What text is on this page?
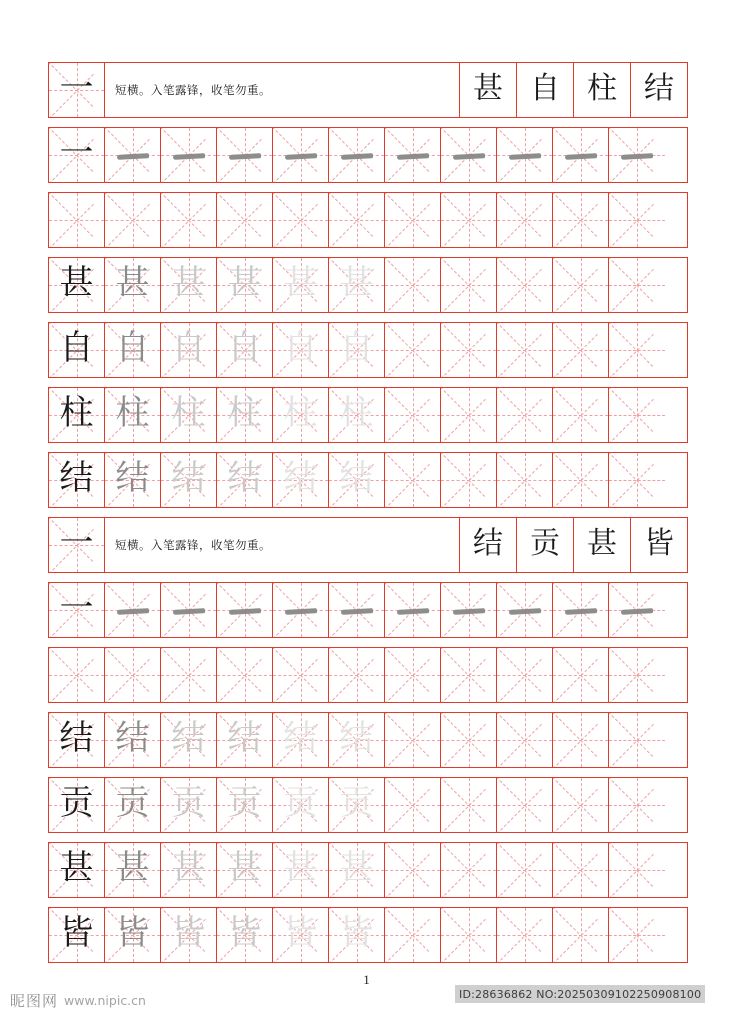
一	短横。入笔露锋，收笔勿重。	甚 自 柱 结
一
甚 甚 甚 甚 甚 甚
自 自 自 自 自 自
柱 柱 柱 柱 柱 柱
结 结 结 结 结 结
一	短横。入笔露锋，收笔勿重。	结 贡 甚 皆
一
结 结 结 结 结 结
贡 贡 贡 贡 贡 贡
甚 甚 甚 甚 甚 甚
皆 皆 皆 皆 皆 皆
1
昵图网 www.nipic.cn	ID:28636862 NO:20250309102250908100
